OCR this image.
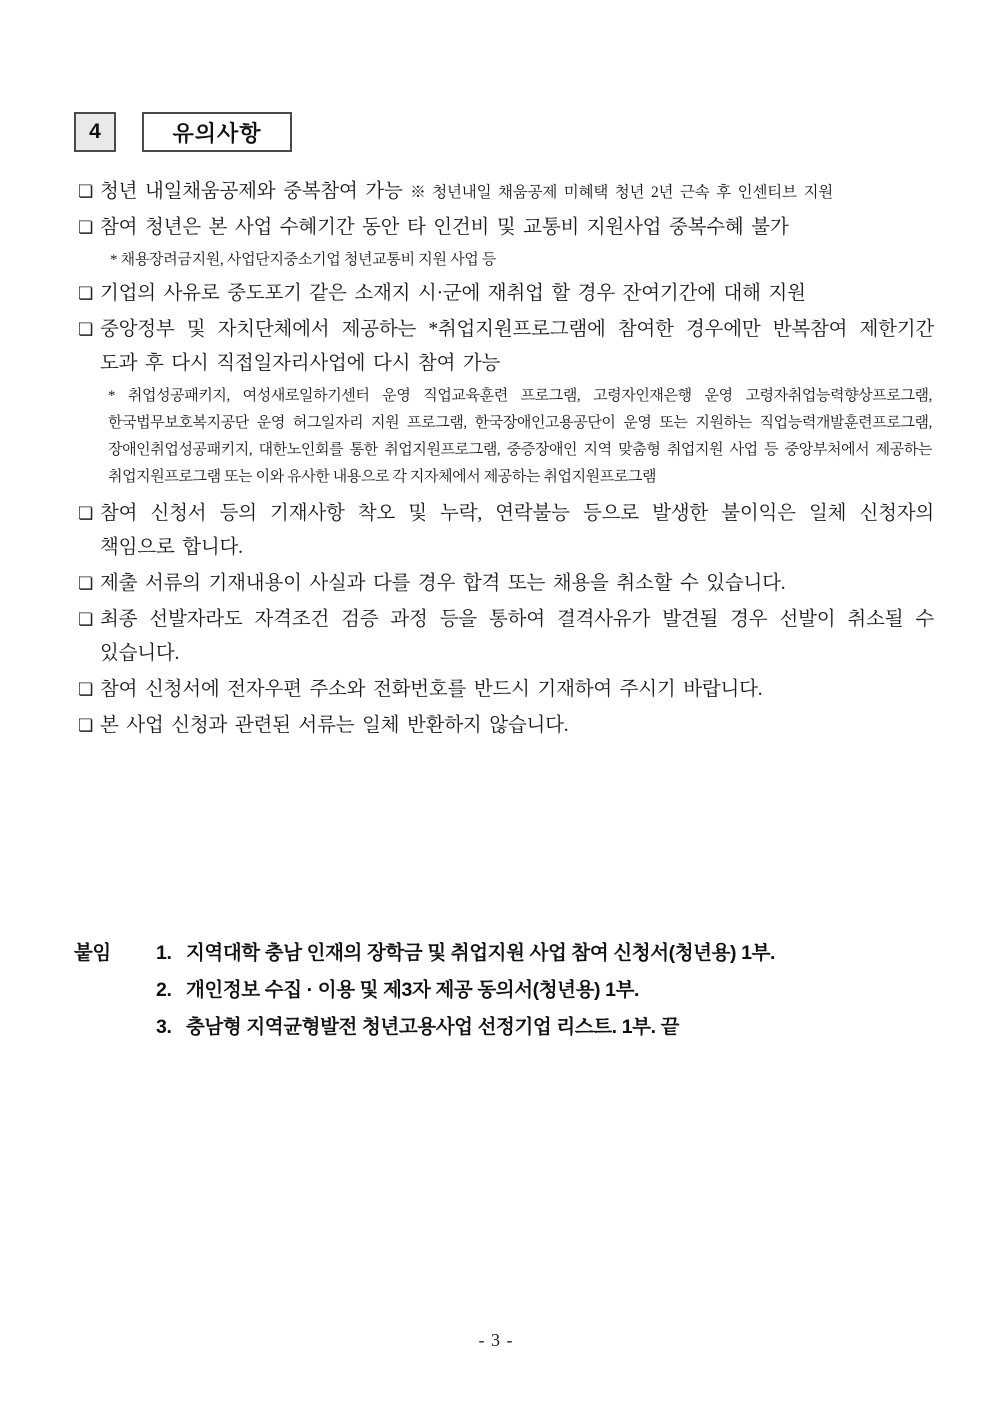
4	유의사항
❏ 청년 내일채움공제와 중복참여 가능 ※ 청년내일 채움공제 미혜택 청년 2년 근속 후 인센티브 지원
❏ 참여 청년은 본 사업 수혜기간 동안 타 인건비 및 교통비 지원사업 중복수혜 불가
* 채용장려금지원, 사업단지중소기업 청년교통비 지원 사업 등
❏ 기업의 사유로 중도포기 같은 소재지 시·군에 재취업 할 경우 잔여기간에 대해 지원
❏ 중앙정부 및 자치단체에서 제공하는 *취업지원프로그램에 참여한 경우에만 반복참여 제한기간 도과 후 다시 직접일자리사업에 다시 참여 가능
* 취업성공패키지, 여성새로일하기센터 운영 직업교육훈련 프로그램, 고령자인재은행 운영 고령자취업능력향상프로그램, 한국법무보호복지공단 운영 허그일자리 지원 프로그램, 한국장애인고용공단이 운영 또는 지원하는 직업능력개발훈련프로그램, 장애인취업성공패키지, 대한노인회를 통한 취업지원프로그램, 중증장애인 지역 맞춤형 취업지원 사업 등 중앙부처에서 제공하는 취업지원프로그램 또는 이와 유사한 내용으로 각 지자체에서 제공하는 취업지원프로그램
❏ 참여 신청서 등의 기재사항 착오 및 누락, 연락불능 등으로 발생한 불이익은 일체 신청자의 책임으로 합니다.
❏ 제출 서류의 기재내용이 사실과 다를 경우 합격 또는 채용을 취소할 수 있습니다.
❏ 최종 선발자라도 자격조건 검증 과정 등을 통하여 결격사유가 발견될 경우 선발이 취소될 수 있습니다.
❏ 참여 신청서에 전자우편 주소와 전화번호를 반드시 기재하여 주시기 바랍니다.
❏ 본 사업 신청과 관련된 서류는 일체 반환하지 않습니다.
붙임	1. 지역대학 충남 인재의 장학금 및 취업지원 사업 참여 신청서(청년용) 1부.
2. 개인정보 수집 · 이용 및 제3자 제공 동의서(청년용) 1부.
3. 충남형 지역균형발전 청년고용사업 선정기업 리스트. 1부. 끝
- 3 -
